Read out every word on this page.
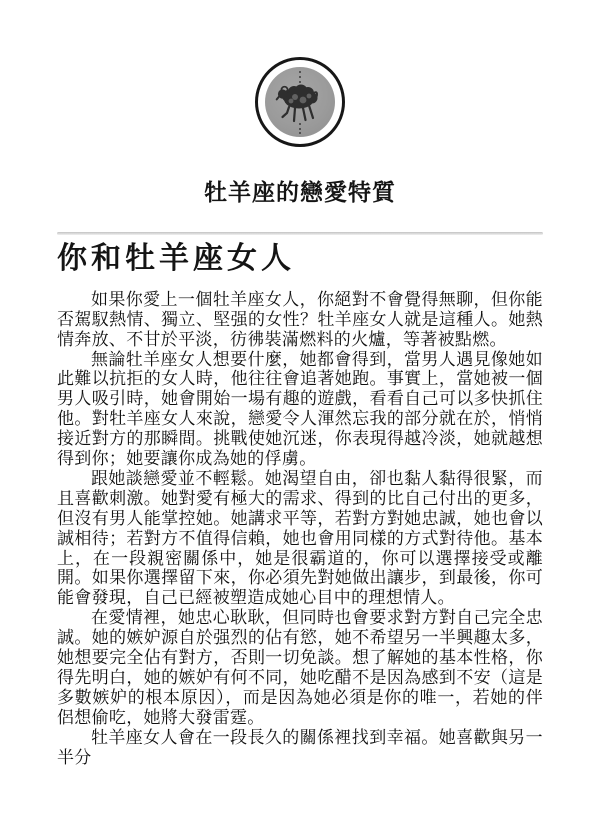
牡羊座的戀愛特質
你和牡羊座女人

如果你愛上一個牡羊座女人，你絕對不會覺得無聊，但你能否駕馭熱情、獨立、堅强的女性？牡羊座女人就是這種人。她熱情奔放、不甘於平淡，彷彿裝滿燃料的火爐，等著被點燃。

無論牡羊座女人想要什麼，她都會得到，當男人遇見像她如此難以抗拒的女人時，他往往會追著她跑。事實上，當她被一個男人吸引時，她會開始一場有趣的遊戲，看看自己可以多快抓住他。對牡羊座女人來說，戀愛令人渾然忘我的部分就在於，悄悄接近對方的那瞬間。挑戰使她沉迷，你表現得越冷淡，她就越想得到你；她要讓你成為她的俘虜。

跟她談戀愛並不輕鬆。她渴望自由，卻也黏人黏得很緊，而且喜歡刺激。她對愛有極大的需求、得到的比自己付出的更多，但沒有男人能掌控她。她講求平等，若對方對她忠誠，她也會以誠相待；若對方不值得信賴，她也會用同樣的方式對待他。基本上，在一段親密關係中，她是很霸道的，你可以選擇接受或離開。如果你選擇留下來，你必須先對她做出讓步，到最後，你可能會發現，自己已經被塑造成她心目中的理想情人。

在愛情裡，她忠心耿耿，但同時也會要求對方對自己完全忠誠。她的嫉妒源自於强烈的佔有慾，她不希望另一半興趣太多，她想要完全佔有對方，否則一切免談。想了解她的基本性格，你得先明白，她的嫉妒有何不同，她吃醋不是因為感到不安（這是多數嫉妒的根本原因），而是因為她必須是你的唯一，若她的伴侶想偷吃，她將大發雷霆。

牡羊座女人會在一段長久的關係裡找到幸福。她喜歡與另一半分
